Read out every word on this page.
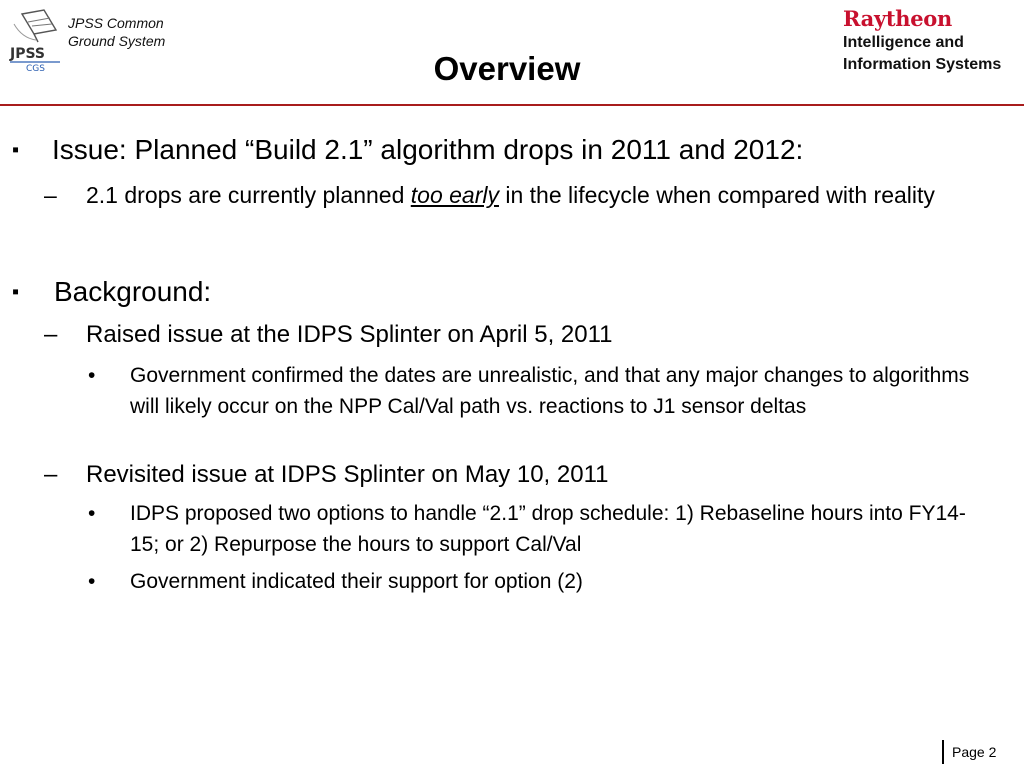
JPSS
CGS
JPSS Common
Ground System
Overview
Raytheon
Intelligence and
Information Systems
▪ Issue: Planned “Build 2.1” algorithm drops in 2011 and 2012:
– 2.1 drops are currently planned too early in the lifecycle when compared with reality
▪ Background:
– Raised issue at the IDPS Splinter on April 5, 2011
• Government confirmed the dates are unrealistic, and that any major changes to algorithms will likely occur on the NPP Cal/Val path vs. reactions to J1 sensor deltas
– Revisited issue at IDPS Splinter on May 10, 2011
• IDPS proposed two options to handle “2.1” drop schedule: 1) Rebaseline hours into FY14-15; or 2) Repurpose the hours to support Cal/Val
• Government indicated their support for option (2)
Page 2
